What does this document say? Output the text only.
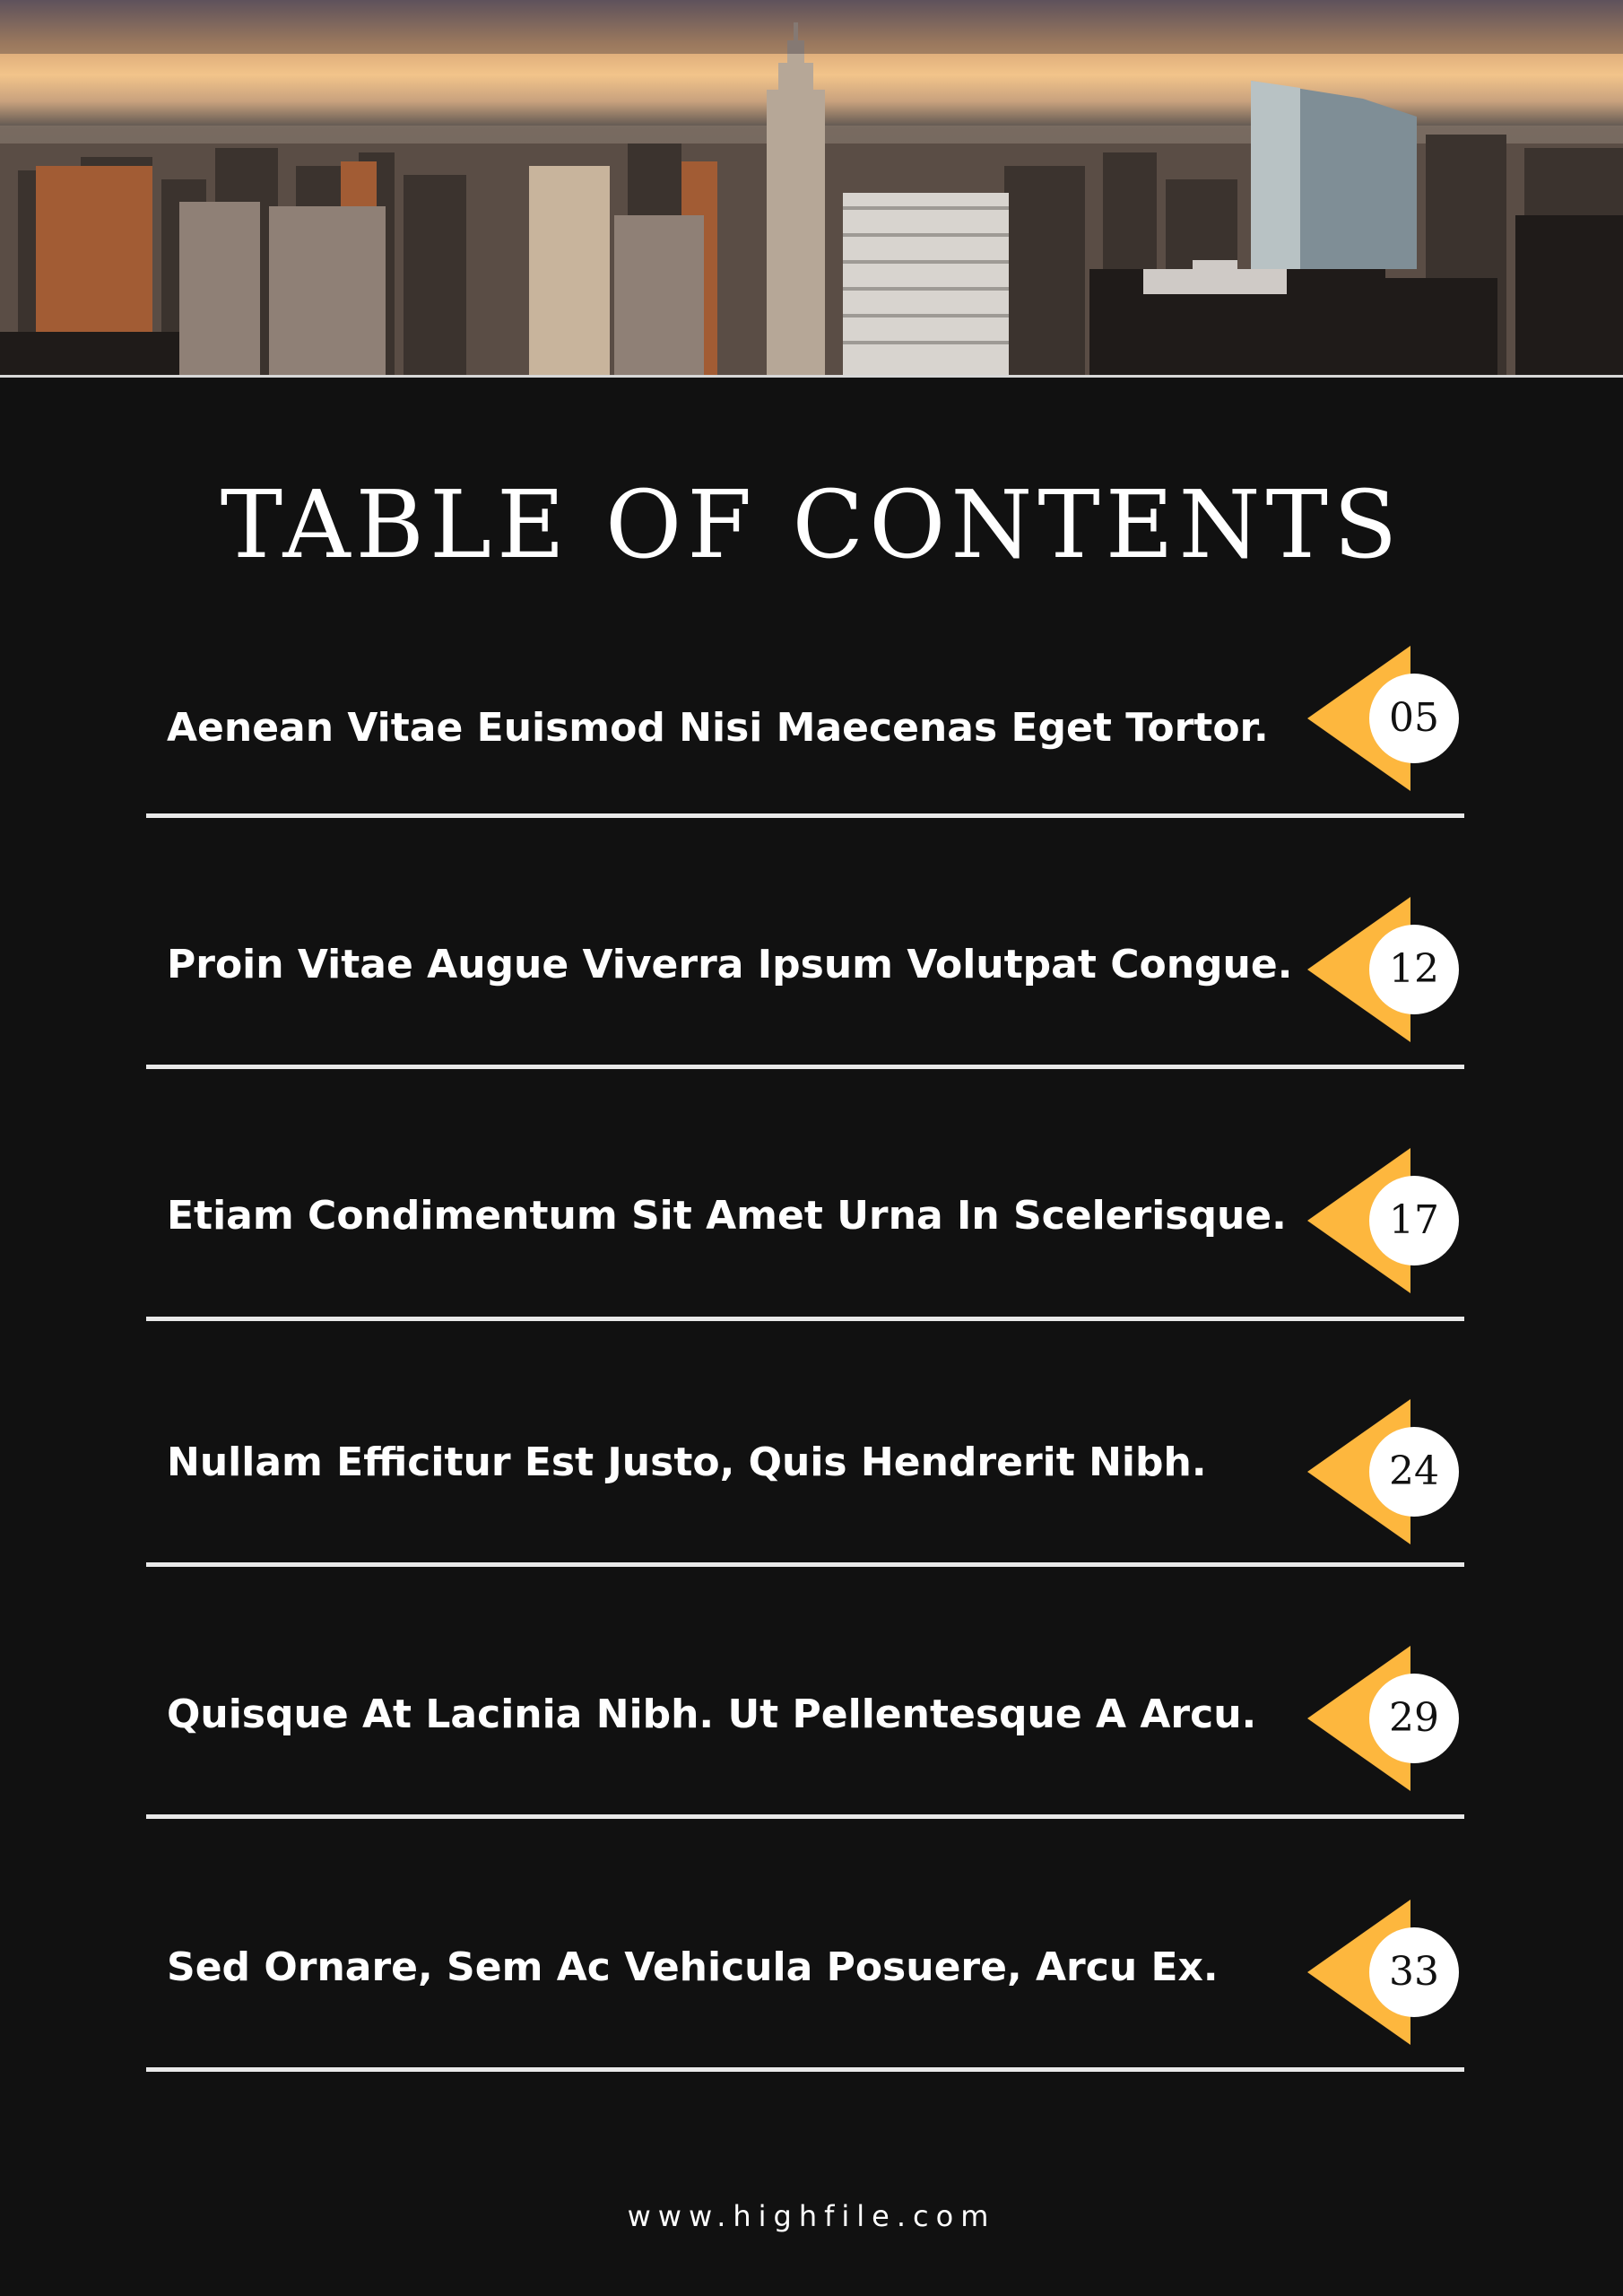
TABLE OF CONTENTS
Aenean Vitae Euismod Nisi Maecenas Eget Tortor.	05
Proin Vitae Augue Viverra Ipsum Volutpat Congue.	12
Etiam Condimentum Sit Amet Urna In Scelerisque.	17
Nullam Efficitur Est Justo, Quis Hendrerit Nibh.	24
Quisque At Lacinia Nibh. Ut Pellentesque A Arcu.	29
Sed Ornare, Sem Ac Vehicula Posuere, Arcu Ex.	33
www.highfile.com
